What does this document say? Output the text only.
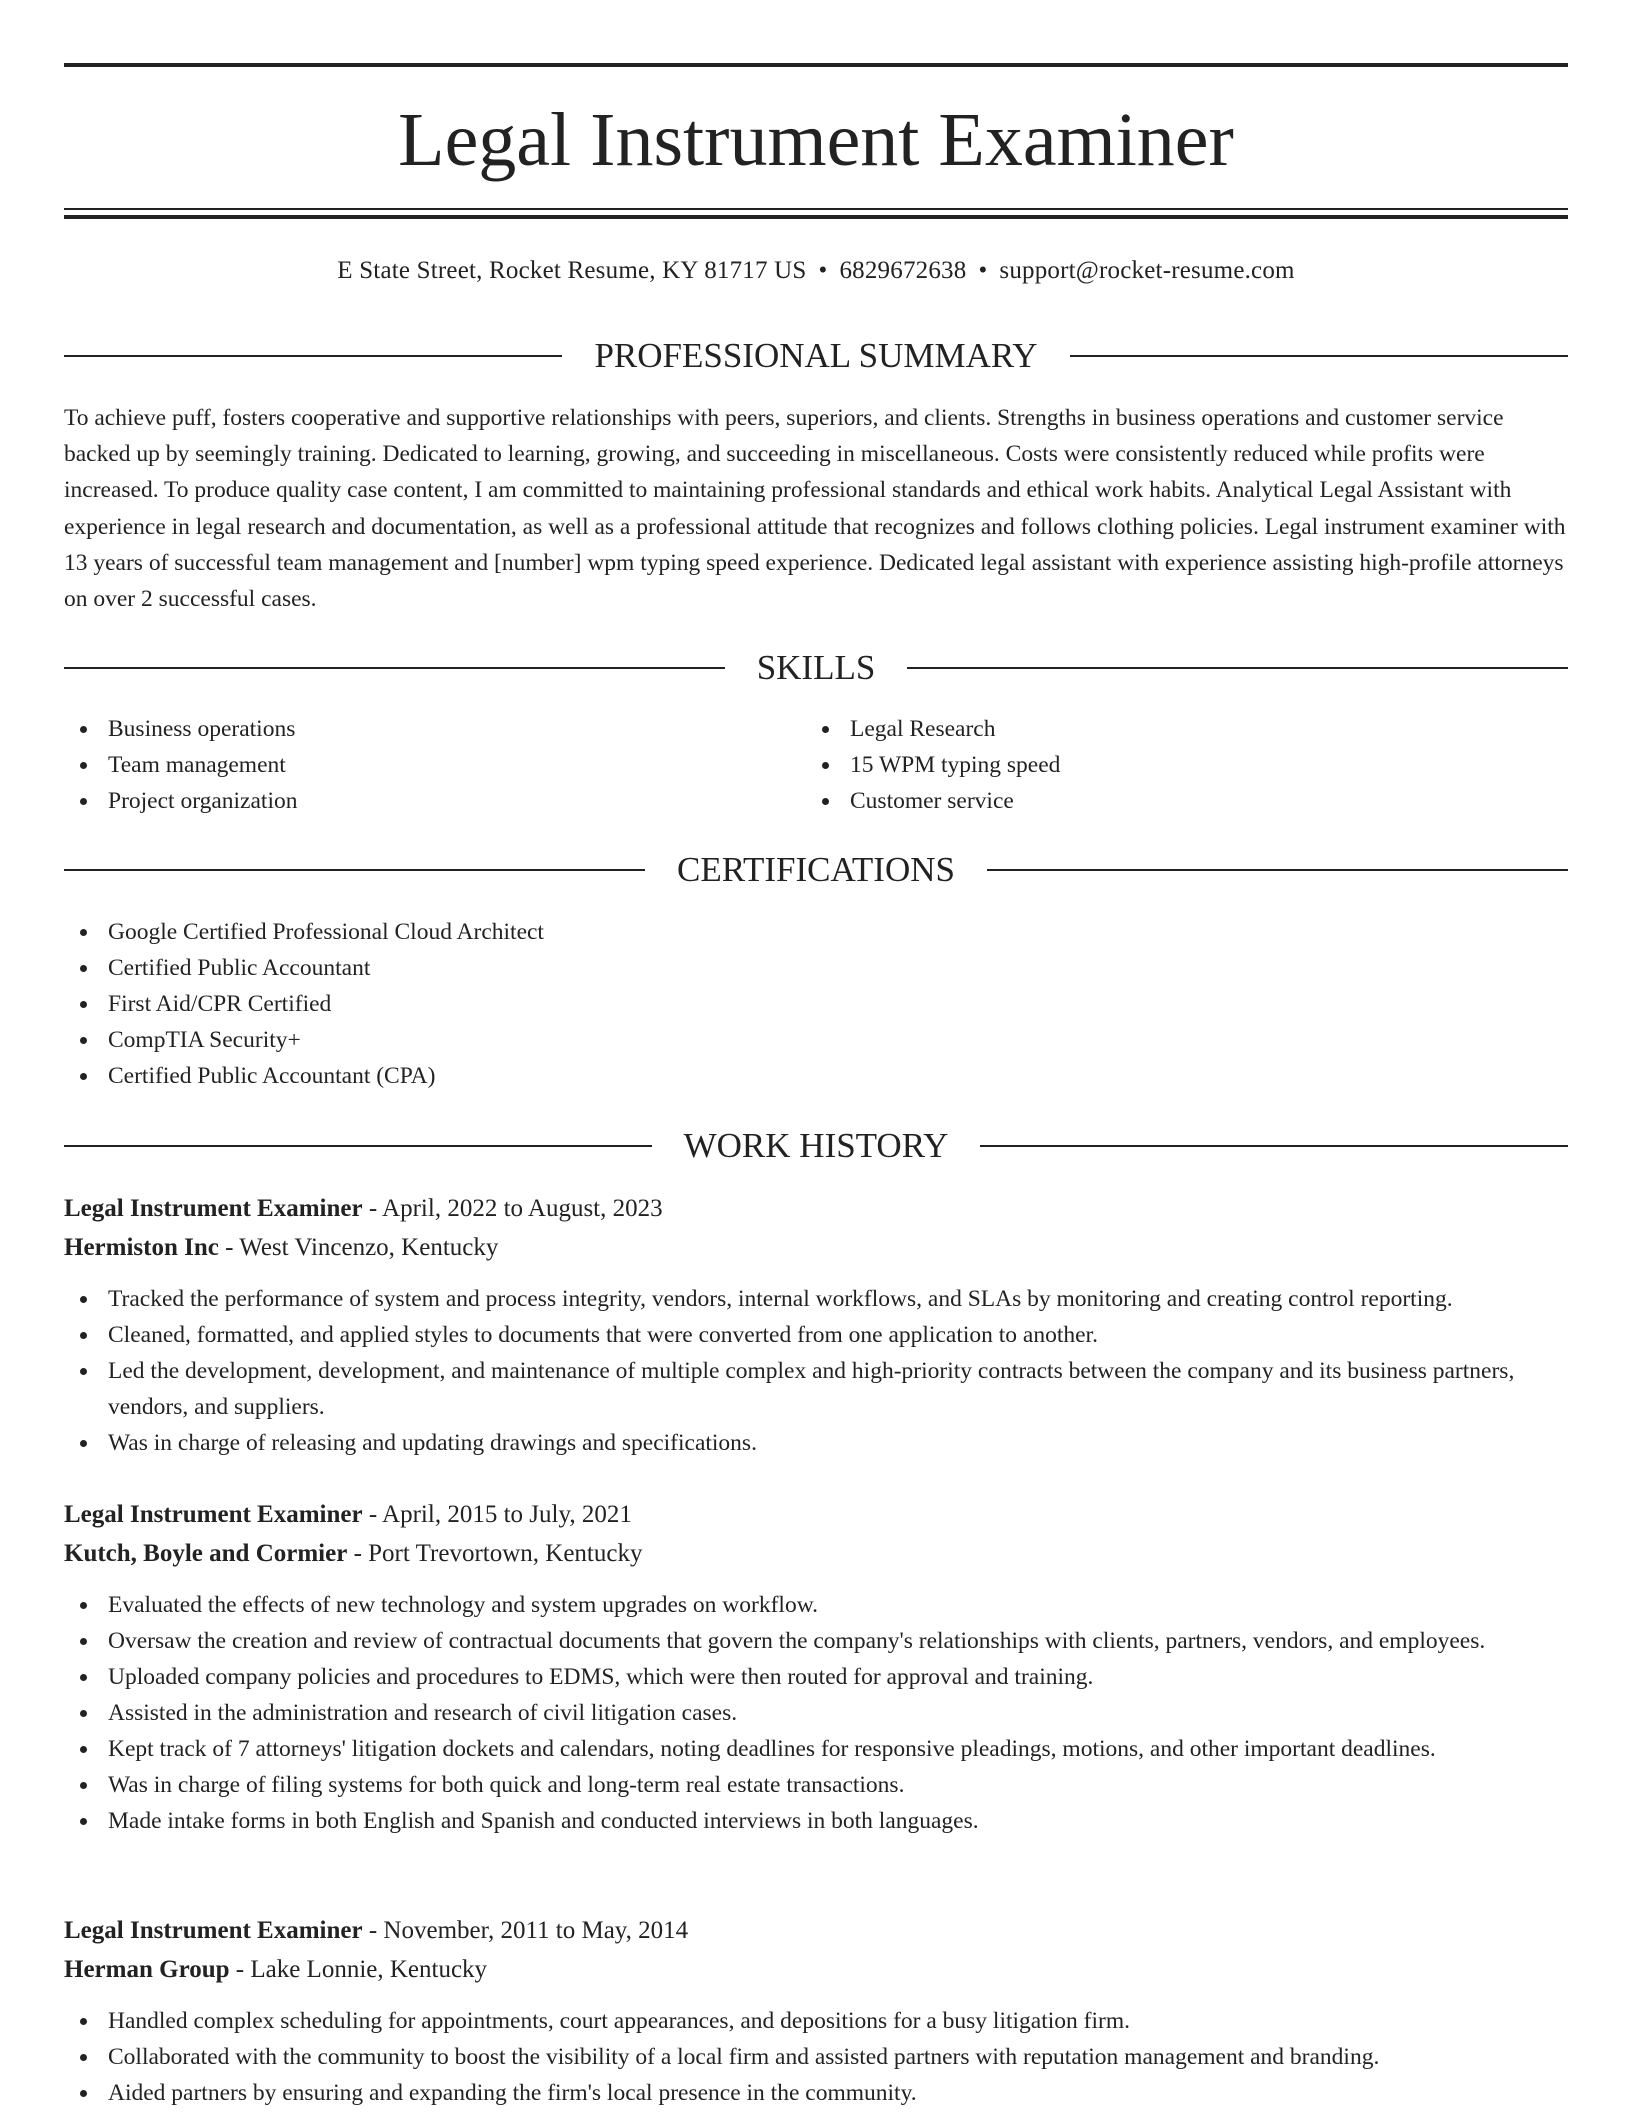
Legal Instrument Examiner
E State Street, Rocket Resume, KY 81717 US • 6829672638 • support@rocket-resume.com
PROFESSIONAL SUMMARY

To achieve puff, fosters cooperative and supportive relationships with peers, superiors, and clients. Strengths in business operations and customer service backed up by seemingly training. Dedicated to learning, growing, and succeeding in miscellaneous. Costs were consistently reduced while profits were increased. To produce quality case content, I am committed to maintaining professional standards and ethical work habits. Analytical Legal Assistant with experience in legal research and documentation, as well as a professional attitude that recognizes and follows clothing policies. Legal instrument examiner with 13 years of successful team management and [number] wpm typing speed experience. Dedicated legal assistant with experience assisting high-profile attorneys on over 2 successful cases.

SKILLS
Business operations
Team management
Project organization
Legal Research
15 WPM typing speed
Customer service
CERTIFICATIONS
Google Certified Professional Cloud Architect
Certified Public Accountant
First Aid/CPR Certified
CompTIA Security+
Certified Public Accountant (CPA)
WORK HISTORY

Legal Instrument Examiner - April, 2022 to August, 2023

Hermiston Inc - West Vincenzo, Kentucky

Tracked the performance of system and process integrity, vendors, internal workflows, and SLAs by monitoring and creating control reporting.
Cleaned, formatted, and applied styles to documents that were converted from one application to another.
Led the development, development, and maintenance of multiple complex and high-priority contracts between the company and its business partners, vendors, and suppliers.
Was in charge of releasing and updating drawings and specifications.

Legal Instrument Examiner - April, 2015 to July, 2021

Kutch, Boyle and Cormier - Port Trevortown, Kentucky

Evaluated the effects of new technology and system upgrades on workflow.
Oversaw the creation and review of contractual documents that govern the company's relationships with clients, partners, vendors, and employees.
Uploaded company policies and procedures to EDMS, which were then routed for approval and training.
Assisted in the administration and research of civil litigation cases.
Kept track of 7 attorneys' litigation dockets and calendars, noting deadlines for responsive pleadings, motions, and other important deadlines.
Was in charge of filing systems for both quick and long-term real estate transactions.
Made intake forms in both English and Spanish and conducted interviews in both languages.

Legal Instrument Examiner - November, 2011 to May, 2014

Herman Group - Lake Lonnie, Kentucky

Handled complex scheduling for appointments, court appearances, and depositions for a busy litigation firm.
Collaborated with the community to boost the visibility of a local firm and assisted partners with reputation management and branding.
Aided partners by ensuring and expanding the firm's local presence in the community.
